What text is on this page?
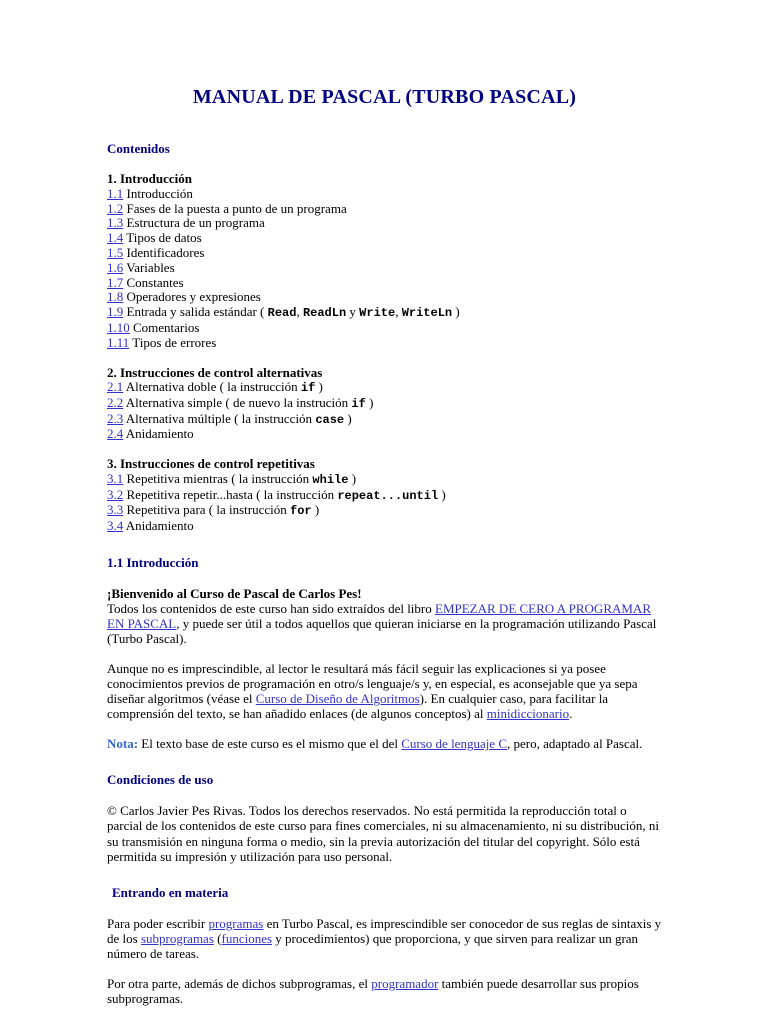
MANUAL DE PASCAL (TURBO PASCAL)
Contenidos
1. Introducción
1.1 Introducción
1.2 Fases de la puesta a punto de un programa
1.3 Estructura de un programa
1.4 Tipos de datos
1.5 Identificadores
1.6 Variables
1.7 Constantes
1.8 Operadores y expresiones
1.9 Entrada y salida estándar ( Read, ReadLn y Write, WriteLn )
1.10 Comentarios
1.11 Tipos de errores
2. Instrucciones de control alternativas
2.1 Alternativa doble ( la instrucción if )
2.2 Alternativa simple ( de nuevo la instrución if )
2.3 Alternativa múltiple ( la instrucción case )
2.4 Anidamiento
3. Instrucciones de control repetitivas
3.1 Repetitiva mientras ( la instrucción while )
3.2 Repetitiva repetir...hasta ( la instrucción repeat...until )
3.3 Repetitiva para ( la instrucción for )
3.4 Anidamiento
1.1 Introducción
¡Bienvenido al Curso de Pascal de Carlos Pes!
Todos los contenidos de este curso han sido extraídos del libro EMPEZAR DE CERO A PROGRAMAR EN PASCAL, y puede ser útil a todos aquellos que quieran iniciarse en la programación utilizando Pascal (Turbo Pascal).
Aunque no es imprescindible, al lector le resultará más fácil seguir las explicaciones si ya posee conocimientos previos de programación en otro/s lenguaje/s y, en especial, es aconsejable que ya sepa diseñar algoritmos (véase el Curso de Diseño de Algoritmos). En cualquier caso, para facilitar la comprensión del texto, se han añadido enlaces (de algunos conceptos) al minidiccionario.
Nota: El texto base de este curso es el mismo que el del Curso de lenguaje C, pero, adaptado al Pascal.
Condiciones de uso
© Carlos Javier Pes Rivas. Todos los derechos reservados. No está permitida la reproducción total o parcial de los contenidos de este curso para fines comerciales, ni su almacenamiento, ni su distribución, ni su transmisión en ninguna forma o medio, sin la previa autorización del titular del copyright. Sólo está permitida su impresión y utilización para uso personal.
Entrando en materia
Para poder escribir programas en Turbo Pascal, es imprescindible ser conocedor de sus reglas de sintaxis y de los subprogramas (funciones y procedimientos) que proporciona, y que sirven para realizar un gran número de tareas.
Por otra parte, además de dichos subprogramas, el programador también puede desarrollar sus propios subprogramas.
